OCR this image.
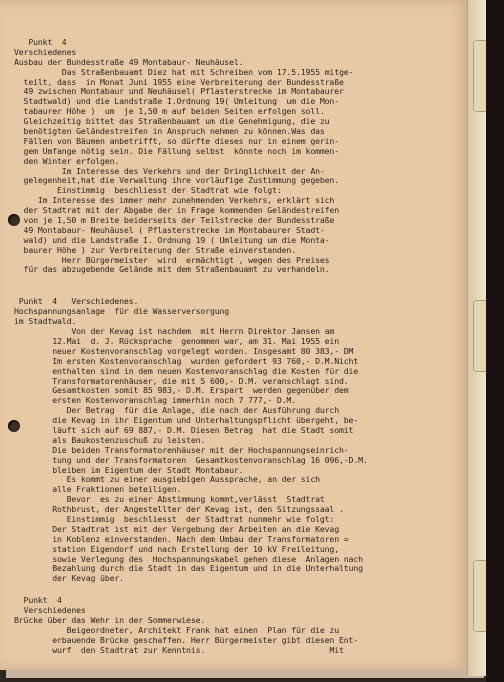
Punkt  4
Verschiedenes
Ausbau der Bundesstraße 49 Montabaur- Neuhäusel.
Das Straßenbauamt Diez hat mit Schreiben vom 17.5.1955 mitge-
teilt, dass  in Monat Juni 1955 eine Verbreiterung der Bundesstraße
49 zwischen Montabaur und Neuhäusel( Pflasterstrecke im Montabaurer
Stadtwald) und die Landstraße I.Ordnung 19( Umleitung  um die Mon-
tabaurer Höhe )  um  je 1,50 m auf beiden Seiten erfolgen soll.
Gleichzeitig bittet das Straßenbauamt um die Genehmigung, die zu
benötigten Geländestreifen in Anspruch nehmen zu können.Was das
Fällen von Bäumen anbetrifft, so dürfte dieses nur in einem gerin-
gem Umfange nötig sein. Die Fällung selbst  könnte noch im kommen-
den Winter erfolgen.
Im Interesse des Verkehrs und der Dringlichkeit der An-
gelegenheit,hat die Verwaltung ihre vorläufige Zustimmung gegeben.
Einstimmig  beschliesst der Stadtrat wie folgt:
Im Interesse des immer mehr zunehmenden Verkehrs, erklärt sich
der Stadtrat mit der Abgabe der in Frage kommenden Geländestreifen
von je 1,50 m Breite beiderseits der Teilstrecke der Bundesstraße
49 Montabaur- Neuhäusel ( Pflasterstrecke im Montabaurer Stadt-
wald) und die Landstraße I. Ordnung 19 ( Umleitung um die Monta-
baurer Höhe ) zur Verbreiterung der Straße einverstanden.
Herr Bürgermeister  wird  ermächtigt , wegen des Preises
für das abzugebende Gelände mit dem Straßenbauamt zu verhandeln.
Punkt  4   Verschiedenes.
Hochspannungsanlage  für die Wasserversorgung
im Stadtwald.
Von der Kevag ist nachdem  mit Herrn Direktor Jansen am
12.Mai  d. J. Rücksprache  genommen war, am 31. Mai 1955 ein
neuer Kostenvoranschlag vorgelegt worden. Insgesamt 80 383,- DM
Im ersten Kostenvoranschlag  wurden gefordert 93 760,- D.M.Nicht
enthalten sind in dem neuen Kostenvoranschlag die Kosten für die
Transformatorenhäuser, die mit 5 600,- D.M. veranschlagt sind.
Gesamtkosten somit 85 983,- D.M. Erspart  werden gegenüber dem
ersten Kostenvoranschlag immerhin noch 7 777,- D.M.
Der Betrag  für die Anlage, die nach der Ausführung durch
die Kevag in ihr Eigentum und Unterhaltungspflicht übergeht, be-
läuft sich auf 69 887,- D.M. Diesen Betrag  hat die Stadt somit
als Baukostenzuschuß zu leisten.
Die beiden Transformatorenhäuser mit der Hochspannungseinrich-
tung und der Transformatoren  Gesamtkostenvoranschlag 16 096,-D.M.
bleiben im Eigentum der Stadt Montabaur.
Es kommt zu einer ausgiebigen Aussprache, an der sich
alle Fraktionen beteiligen.
Bevor  es zu einer Abstimmung kommt,verlässt  Stadtrat
Rothbrust, der Angestellter der Kevag ist, den Sitzungssaal .
Einstimmig  beschliesst  der Stadtrat nunmehr wie folgt:
Der Stadtrat ist mit der Vergebung der Arbeiten an die Kevag
in Koblenz einverstanden. Nach dem Umbau der Transformatoren =
station Eigendorf und nach Erstellung der 10 kV Freileitung,
sowie Verlegung des  Hochspannungskabel gehen diese  Anlagen nach
Bezahlung durch die Stadt in das Eigentum und in die Unterhaltung
der Kevag über.
Punkt  4
Verschiedenes
Brücke über das Wehr in der Sommerwiese.
Beigeordneter, Architekt Frank hat einen  Plan für die zu
erbauende Brücke geschaffen. Herr Bürgermeister gibt diesen Ent-
wurf  den Stadtrat zur Kenntnis.                          Mit
